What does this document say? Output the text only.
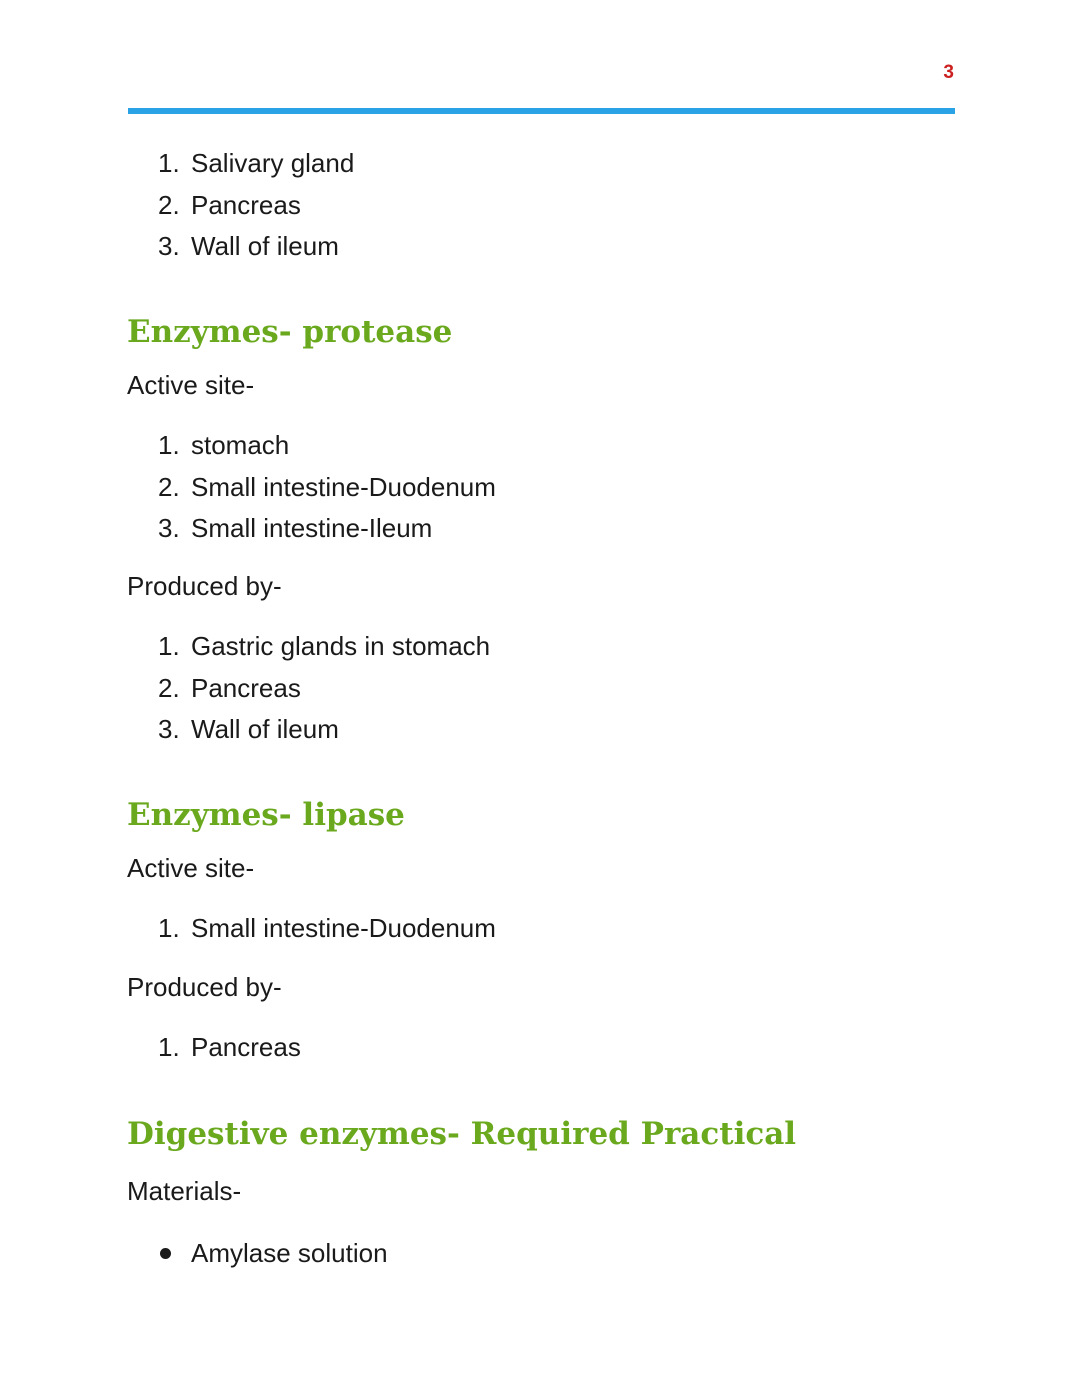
3
1. Salivary gland
2. Pancreas
3. Wall of ileum
Enzymes- protease

Active site-

1. stomach
2. Small intestine-Duodenum
3. Small intestine-Ileum

Produced by-

1. Gastric glands in stomach
2. Pancreas
3. Wall of ileum
Enzymes- lipase

Active site-

1. Small intestine-Duodenum

Produced by-

1. Pancreas
Digestive enzymes- Required Practical

Materials-

Amylase solution
